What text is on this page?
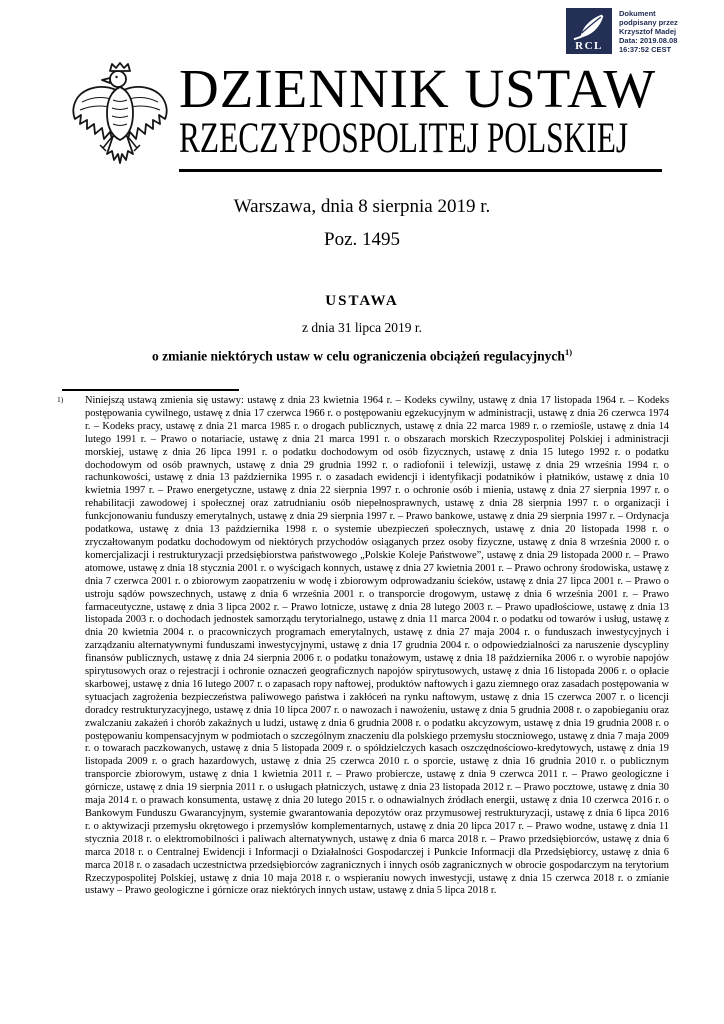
RCL
Dokument
podpisany przez
Krzysztof Madej
Data: 2019.08.08
16:37:52 CEST
DZIENNIK USTAW
RZECZYPOSPOLITEJ POLSKIEJ
Warszawa, dnia 8 sierpnia 2019 r.
Poz. 1495
USTAWA
z dnia 31 lipca 2019 r.
o zmianie niektórych ustaw w celu ograniczenia obciążeń regulacyjnych$^{1)}$
1) Niniejszą ustawą zmienia się ustawy: ustawę z dnia 23 kwietnia 1964 r. – Kodeks cywilny, ustawę z dnia 17 listopada 1964 r. – Kodeks postępowania cywilnego, ustawę z dnia 17 czerwca 1966 r. o postępowaniu egzekucyjnym w administracji, ustawę z dnia 26 czerwca 1974 r. – Kodeks pracy, ustawę z dnia 21 marca 1985 r. o drogach publicznych, ustawę z dnia 22 marca 1989 r. o rzemiośle, ustawę z dnia 14 lutego 1991 r. – Prawo o notariacie, ustawę z dnia 21 marca 1991 r. o obszarach morskich Rzeczypospolitej Polskiej i administracji morskiej, ustawę z dnia 26 lipca 1991 r. o podatku dochodowym od osób fizycznych, ustawę z dnia 15 lutego 1992 r. o podatku dochodowym od osób prawnych, ustawę z dnia 29 grudnia 1992 r. o radiofonii i telewizji, ustawę z dnia 29 września 1994 r. o rachunkowości, ustawę z dnia 13 października 1995 r. o zasadach ewidencji i identyfikacji podatników i płatników, ustawę z dnia 10 kwietnia 1997 r. – Prawo energetyczne, ustawę z dnia 22 sierpnia 1997 r. o ochronie osób i mienia, ustawę z dnia 27 sierpnia 1997 r. o rehabilitacji zawodowej i społecznej oraz zatrudnianiu osób niepełnosprawnych, ustawę z dnia 28 sierpnia 1997 r. o organizacji i funkcjonowaniu funduszy emerytalnych, ustawę z dnia 29 sierpnia 1997 r. – Prawo bankowe, ustawę z dnia 29 sierpnia 1997 r. – Ordynacja podatkowa, ustawę z dnia 13 października 1998 r. o systemie ubezpieczeń społecznych, ustawę z dnia 20 listopada 1998 r. o zryczałtowanym podatku dochodowym od niektórych przychodów osiąganych przez osoby fizyczne, ustawę z dnia 8 września 2000 r. o komercjalizacji i restrukturyzacji przedsiębiorstwa państwowego „Polskie Koleje Państwowe”, ustawę z dnia 29 listopada 2000 r. – Prawo atomowe, ustawę z dnia 18 stycznia 2001 r. o wyścigach konnych, ustawę z dnia 27 kwietnia 2001 r. – Prawo ochrony środowiska, ustawę z dnia 7 czerwca 2001 r. o zbiorowym zaopatrzeniu w wodę i zbiorowym odprowadzaniu ścieków, ustawę z dnia 27 lipca 2001 r. – Prawo o ustroju sądów powszechnych, ustawę z dnia 6 września 2001 r. o transporcie drogowym, ustawę z dnia 6 września 2001 r. – Prawo farmaceutyczne, ustawę z dnia 3 lipca 2002 r. – Prawo lotnicze, ustawę z dnia 28 lutego 2003 r. – Prawo upadłościowe, ustawę z dnia 13 listopada 2003 r. o dochodach jednostek samorządu terytorialnego, ustawę z dnia 11 marca 2004 r. o podatku od towarów i usług, ustawę z dnia 20 kwietnia 2004 r. o pracowniczych programach emerytalnych, ustawę z dnia 27 maja 2004 r. o funduszach inwestycyjnych i zarządzaniu alternatywnymi funduszami inwestycyjnymi, ustawę z dnia 17 grudnia 2004 r. o odpowiedzialności za naruszenie dyscypliny finansów publicznych, ustawę z dnia 24 sierpnia 2006 r. o podatku tonażowym, ustawę z dnia 18 października 2006 r. o wyrobie napojów spirytusowych oraz o rejestracji i ochronie oznaczeń geograficznych napojów spirytusowych, ustawę z dnia 16 listopada 2006 r. o opłacie skarbowej, ustawę z dnia 16 lutego 2007 r. o zapasach ropy naftowej, produktów naftowych i gazu ziemnego oraz zasadach postępowania w sytuacjach zagrożenia bezpieczeństwa paliwowego państwa i zakłóceń na rynku naftowym, ustawę z dnia 15 czerwca 2007 r. o licencji doradcy restrukturyzacyjnego, ustawę z dnia 10 lipca 2007 r. o nawozach i nawożeniu, ustawę z dnia 5 grudnia 2008 r. o zapobieganiu oraz zwalczaniu zakażeń i chorób zakaźnych u ludzi, ustawę z dnia 6 grudnia 2008 r. o podatku akcyzowym, ustawę z dnia 19 grudnia 2008 r. o postępowaniu kompensacyjnym w podmiotach o szczególnym znaczeniu dla polskiego przemysłu stoczniowego, ustawę z dnia 7 maja 2009 r. o towarach paczkowanych, ustawę z dnia 5 listopada 2009 r. o spółdzielczych kasach oszczędnościowo-kredytowych, ustawę z dnia 19 listopada 2009 r. o grach hazardowych, ustawę z dnia 25 czerwca 2010 r. o sporcie, ustawę z dnia 16 grudnia 2010 r. o publicznym transporcie zbiorowym, ustawę z dnia 1 kwietnia 2011 r. – Prawo probiercze, ustawę z dnia 9 czerwca 2011 r. – Prawo geologiczne i górnicze, ustawę z dnia 19 sierpnia 2011 r. o usługach płatniczych, ustawę z dnia 23 listopada 2012 r. – Prawo pocztowe, ustawę z dnia 30 maja 2014 r. o prawach konsumenta, ustawę z dnia 20 lutego 2015 r. o odnawialnych źródłach energii, ustawę z dnia 10 czerwca 2016 r. o Bankowym Funduszu Gwarancyjnym, systemie gwarantowania depozytów oraz przymusowej restrukturyzacji, ustawę z dnia 6 lipca 2016 r. o aktywizacji przemysłu okrętowego i przemysłów komplementarnych, ustawę z dnia 20 lipca 2017 r. – Prawo wodne, ustawę z dnia 11 stycznia 2018 r. o elektromobilności i paliwach alternatywnych, ustawę z dnia 6 marca 2018 r. – Prawo przedsiębiorców, ustawę z dnia 6 marca 2018 r. o Centralnej Ewidencji i Informacji o Działalności Gospodarczej i Punkcie Informacji dla Przedsiębiorcy, ustawę z dnia 6 marca 2018 r. o zasadach uczestnictwa przedsiębiorców zagranicznych i innych osób zagranicznych w obrocie gospodarczym na terytorium Rzeczypospolitej Polskiej, ustawę z dnia 10 maja 2018 r. o wspieraniu nowych inwestycji, ustawę z dnia 15 czerwca 2018 r. o zmianie ustawy – Prawo geologiczne i górnicze oraz niektórych innych ustaw, ustawę z dnia 5 lipca 2018 r.
